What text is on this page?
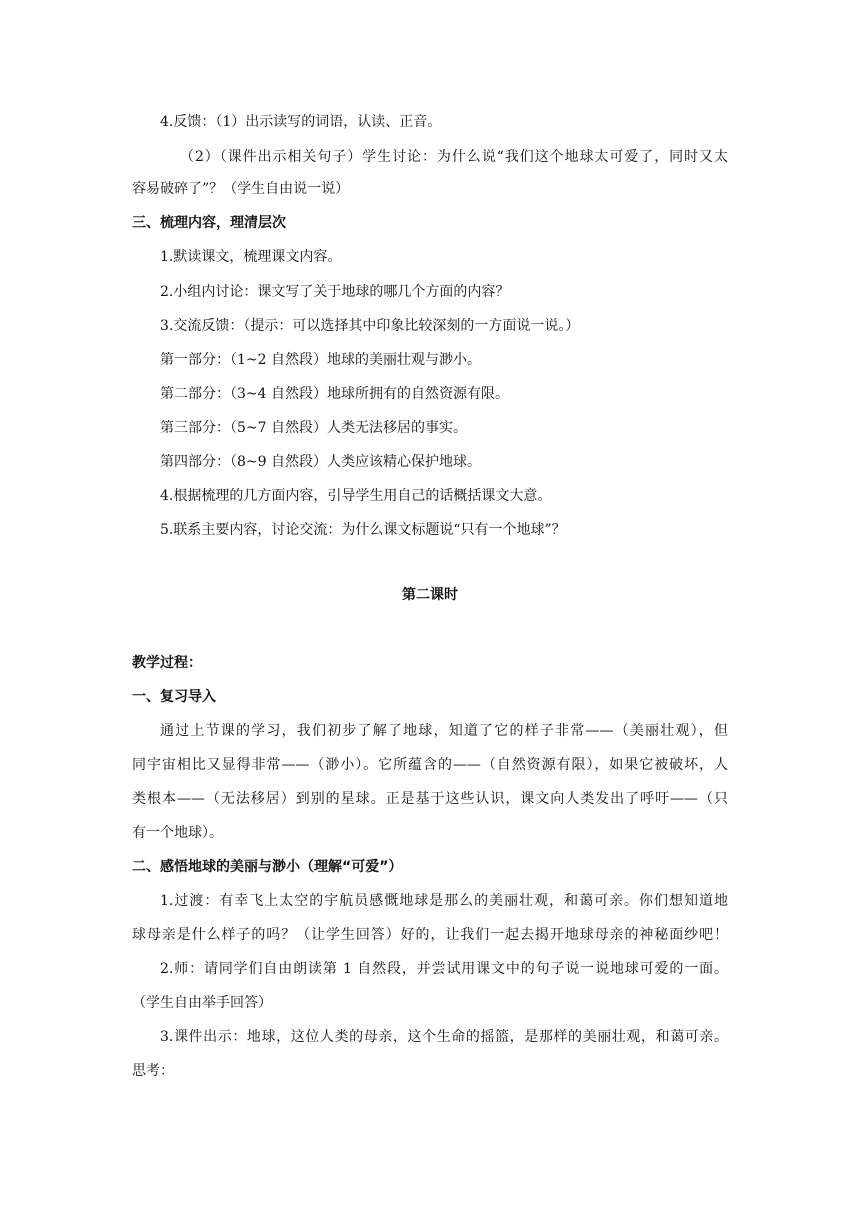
4.反馈：（1）出示读写的词语，认读、正音。
（2）（课件出示相关句子）学生讨论：为什么说“我们这个地球太可爱了，同时又太
容易破碎了”？（学生自由说一说）
三、梳理内容，理清层次
1.默读课文，梳理课文内容。
2.小组内讨论：课文写了关于地球的哪几个方面的内容？
3.交流反馈：（提示：可以选择其中印象比较深刻的一方面说一说。）
第一部分：（1~2 自然段）地球的美丽壮观与渺小。
第二部分：（3~4 自然段）地球所拥有的自然资源有限。
第三部分：（5~7 自然段）人类无法移居的事实。
第四部分：（8~9 自然段）人类应该精心保护地球。
4.根据梳理的几方面内容，引导学生用自己的话概括课文大意。
5.联系主要内容，讨论交流：为什么课文标题说“只有一个地球”？
第二课时
教学过程：
一、复习导入
通过上节课的学习，我们初步了解了地球，知道了它的样子非常——（美丽壮观），但
同宇宙相比又显得非常——（渺小）。它所蕴含的——（自然资源有限），如果它被破坏，人
类根本——（无法移居）到别的星球。正是基于这些认识，课文向人类发出了呼吁——（只
有一个地球）。
二、感悟地球的美丽与渺小（理解“可爱”）
1.过渡：有幸飞上太空的宇航员感慨地球是那么的美丽壮观，和蔼可亲。你们想知道地
球母亲是什么样子的吗？（让学生回答）好的，让我们一起去揭开地球母亲的神秘面纱吧！
2.师：请同学们自由朗读第 1 自然段，并尝试用课文中的句子说一说地球可爱的一面。
（学生自由举手回答）
3.课件出示：地球，这位人类的母亲，这个生命的摇篮，是那样的美丽壮观，和蔼可亲。
思考：
